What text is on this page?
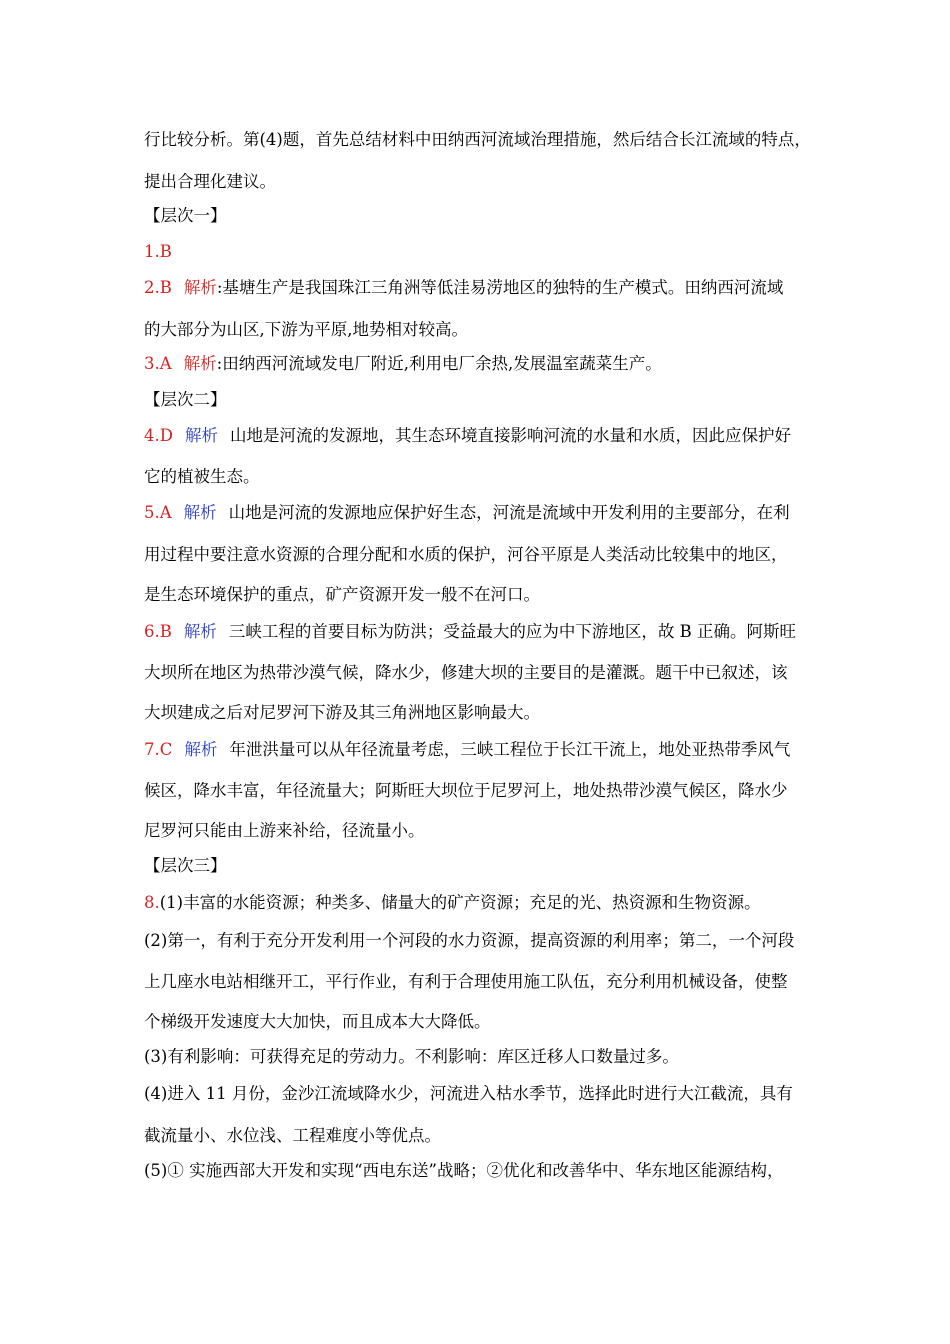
行比较分析。第(4)题，首先总结材料中田纳西河流域治理措施，然后结合长江流域的特点，
提出合理化建议。
【层次一】
1.B
2.B 解析:基塘生产是我国珠江三角洲等低洼易涝地区的独特的生产模式。田纳西河流域
的大部分为山区,下游为平原,地势相对较高。
3.A 解析:田纳西河流域发电厂附近,利用电厂余热,发展温室蔬菜生产。
【层次二】
4.D 解析 山地是河流的发源地，其生态环境直接影响河流的水量和水质，因此应保护好
它的植被生态。
5.A 解析 山地是河流的发源地应保护好生态，河流是流域中开发利用的主要部分，在利
用过程中要注意水资源的合理分配和水质的保护，河谷平原是人类活动比较集中的地区，
是生态环境保护的重点，矿产资源开发一般不在河口。
6.B 解析 三峡工程的首要目标为防洪；受益最大的应为中下游地区，故 B 正确。阿斯旺
大坝所在地区为热带沙漠气候，降水少，修建大坝的主要目的是灌溉。题干中已叙述，该
大坝建成之后对尼罗河下游及其三角洲地区影响最大。
7.C 解析 年泄洪量可以从年径流量考虑，三峡工程位于长江干流上，地处亚热带季风气
候区，降水丰富，年径流量大；阿斯旺大坝位于尼罗河上，地处热带沙漠气候区，降水少
尼罗河只能由上游来补给，径流量小。
【层次三】
8.(1)丰富的水能资源；种类多、储量大的矿产资源；充足的光、热资源和生物资源。
(2)第一，有利于充分开发利用一个河段的水力资源，提高资源的利用率；第二，一个河段
上几座水电站相继开工，平行作业，有利于合理使用施工队伍，充分利用机械设备，使整
个梯级开发速度大大加快，而且成本大大降低。
(3)有利影响：可获得充足的劳动力。不利影响：库区迁移人口数量过多。
(4)进入 11 月份，金沙江流域降水少，河流进入枯水季节，选择此时进行大江截流，具有
截流量小、水位浅、工程难度小等优点。
(5)① 实施西部大开发和实现“西电东送”战略；②优化和改善华中、华东地区能源结构，
